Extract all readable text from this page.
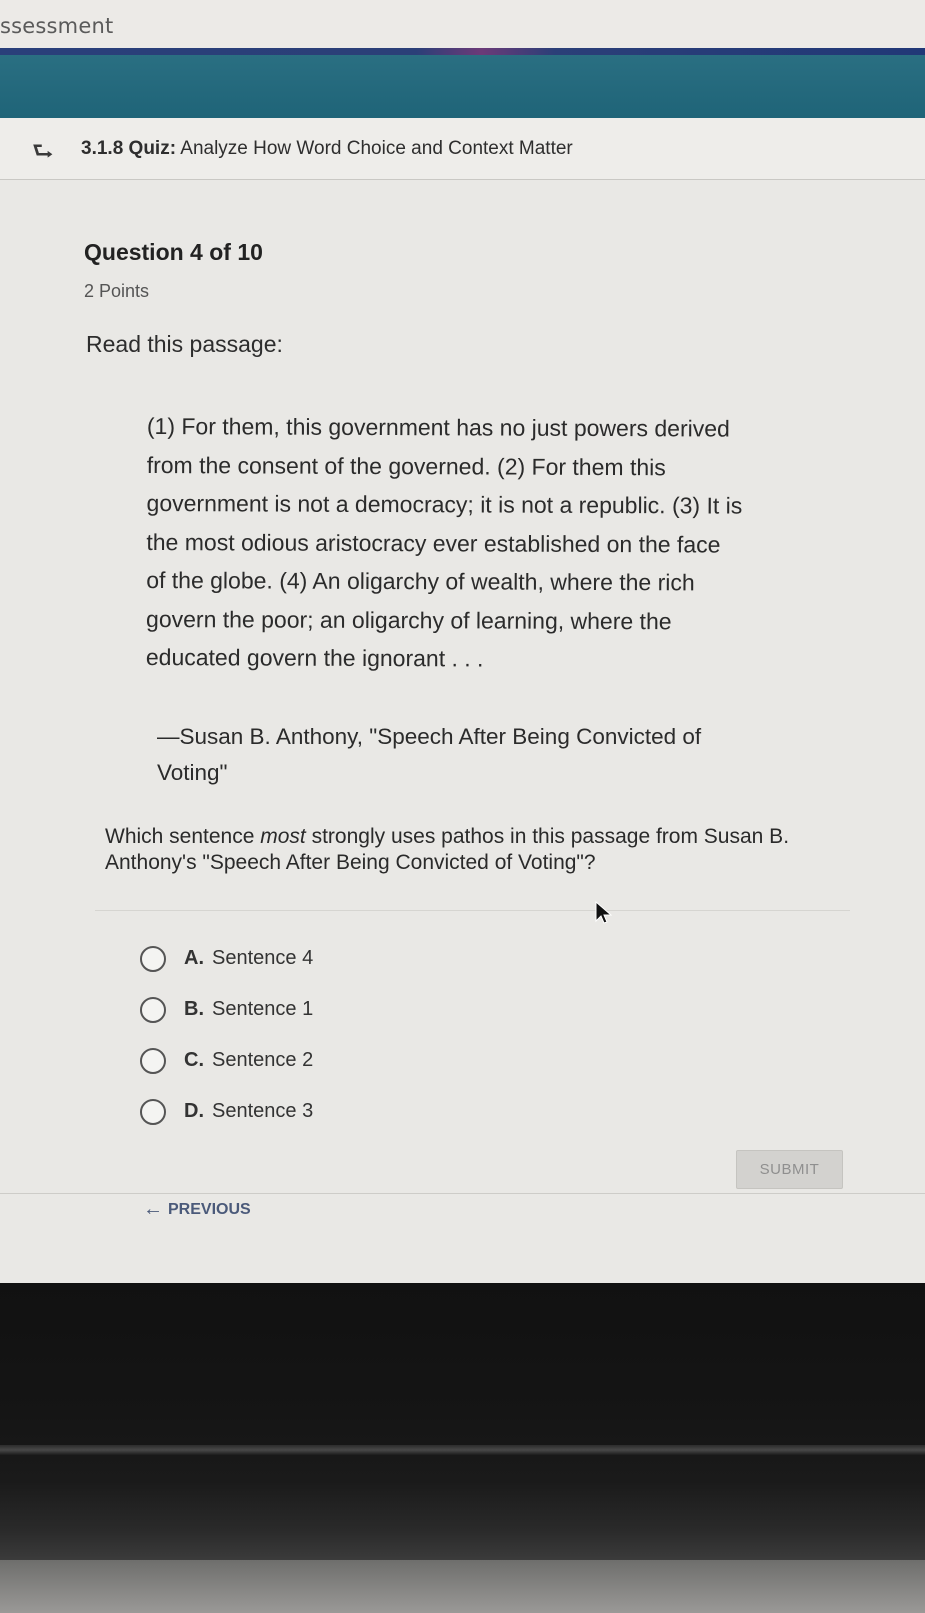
ssessment
⮑ 3.1.8 Quiz: Analyze How Word Choice and Context Matter
Question 4 of 10
2 Points
Read this passage:
(1) For them, this government has no just powers derived
from the consent of the governed. (2) For them this
government is not a democracy; it is not a republic. (3) It is
the most odious aristocracy ever established on the face
of the globe. (4) An oligarchy of wealth, where the rich
govern the poor; an oligarchy of learning, where the
educated govern the ignorant . . .
—Susan B. Anthony, "Speech After Being Convicted of
Voting"
Which sentence most strongly uses pathos in this passage from Susan B. Anthony's "Speech After Being Convicted of Voting"?
A. Sentence 4
B. Sentence 1
C. Sentence 2
D. Sentence 3
SUBMIT
← PREVIOUS
